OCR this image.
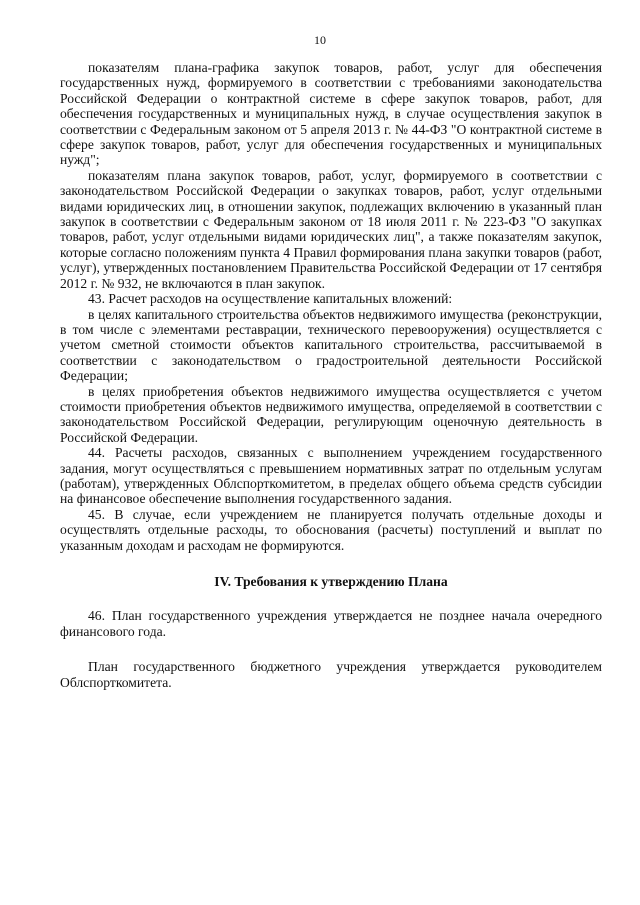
10

показателям плана-графика закупок товаров, работ, услуг для обеспечения государственных нужд, формируемого в соответствии с требованиями законодательства Российской Федерации о контрактной системе в сфере закупок товаров, работ, для обеспечения государственных и муниципальных нужд, в случае осуществления закупок в соответствии с Федеральным законом от 5 апреля 2013 г. № 44-ФЗ "О контрактной системе в сфере закупок товаров, работ, услуг для обеспечения государственных и муниципальных нужд";

показателям плана закупок товаров, работ, услуг, формируемого в соответствии с законодательством Российской Федерации о закупках товаров, работ, услуг отдельными видами юридических лиц, в отношении закупок, подлежащих включению в указанный план закупок в соответствии с Федеральным законом от 18 июля 2011 г. № 223-ФЗ "О закупках товаров, работ, услуг отдельными видами юридических лиц", а также показателям закупок, которые согласно положениям пункта 4 Правил формирования плана закупки товаров (работ, услуг), утвержденных постановлением Правительства Российской Федерации от 17 сентября 2012 г. № 932, не включаются в план закупок.

43. Расчет расходов на осуществление капитальных вложений:

в целях капитального строительства объектов недвижимого имущества (реконструкции, в том числе с элементами реставрации, технического перевооружения) осуществляется с учетом сметной стоимости объектов капитального строительства, рассчитываемой в соответствии с законодательством о градостроительной деятельности Российской Федерации;

в целях приобретения объектов недвижимого имущества осуществляется с учетом стоимости приобретения объектов недвижимого имущества, определяемой в соответствии с законодательством Российской Федерации, регулирующим оценочную деятельность в Российской Федерации.

44. Расчеты расходов, связанных с выполнением учреждением государственного задания, могут осуществляться с превышением нормативных затрат по отдельным услугам (работам), утвержденных Облспорткомитетом, в пределах общего объема средств субсидии на финансовое обеспечение выполнения государственного задания.

45. В случае, если учреждением не планируется получать отдельные доходы и осуществлять отдельные расходы, то обоснования (расчеты) поступлений и выплат по указанным доходам и расходам не формируются.

IV. Требования к утверждению Плана

46. План государственного учреждения утверждается не позднее начала очередного финансового года.

План государственного бюджетного учреждения утверждается руководителем Облспорткомитета.
